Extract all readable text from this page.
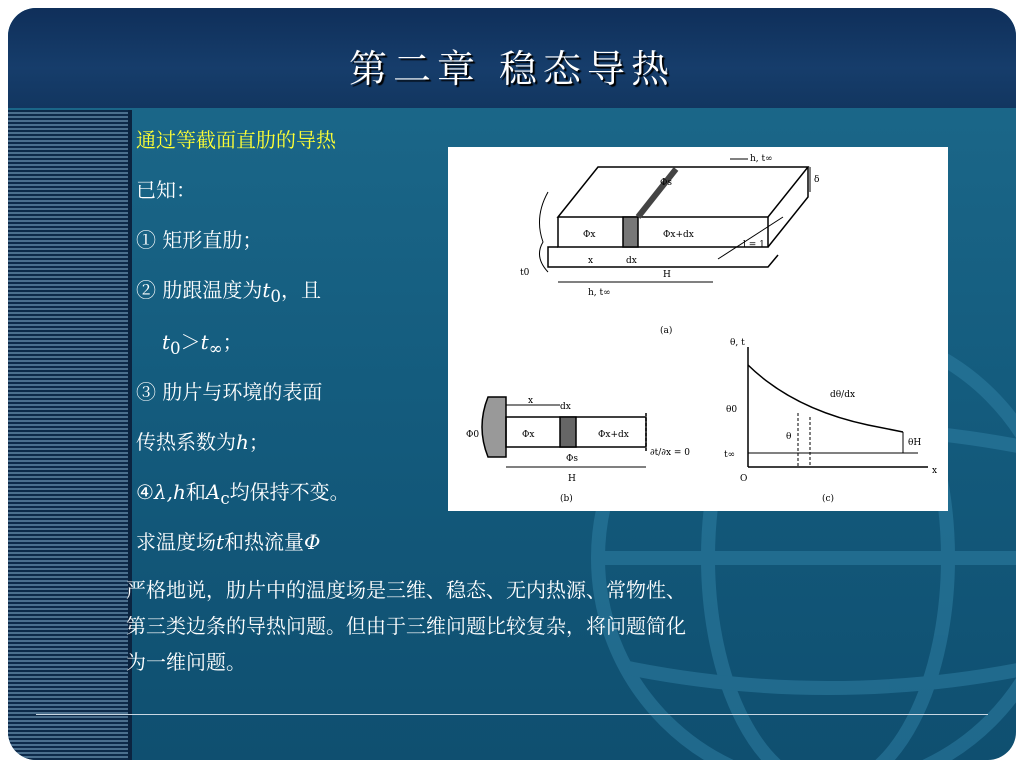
第二章 稳态导热
通过等截面直肋的导热
已知：
① 矩形直肋；
② 肋跟温度为$t_0$，且
$t_0>t_\infty$；
③ 肋片与环境的表面
传热系数为h；
④λ,h和$A_c$均保持不变。
求温度场t和热流量Φ
h, t∞
δ
Φs
Φx	Φx+dx
l = 1
t0
x	dx
H
h, t∞
(a)
Φ0
x
dx
Φx	Φx+dx
Φs
∂t/∂x = 0
H
(b)
θ, t
x
O
θ0
θ
θH
t∞
dθ/dx
(c)
严格地说，肋片中的温度场是三维、稳态、无内热源、常物性、
第三类边条的导热问题。但由于三维问题比较复杂，将问题简化
为一维问题。
